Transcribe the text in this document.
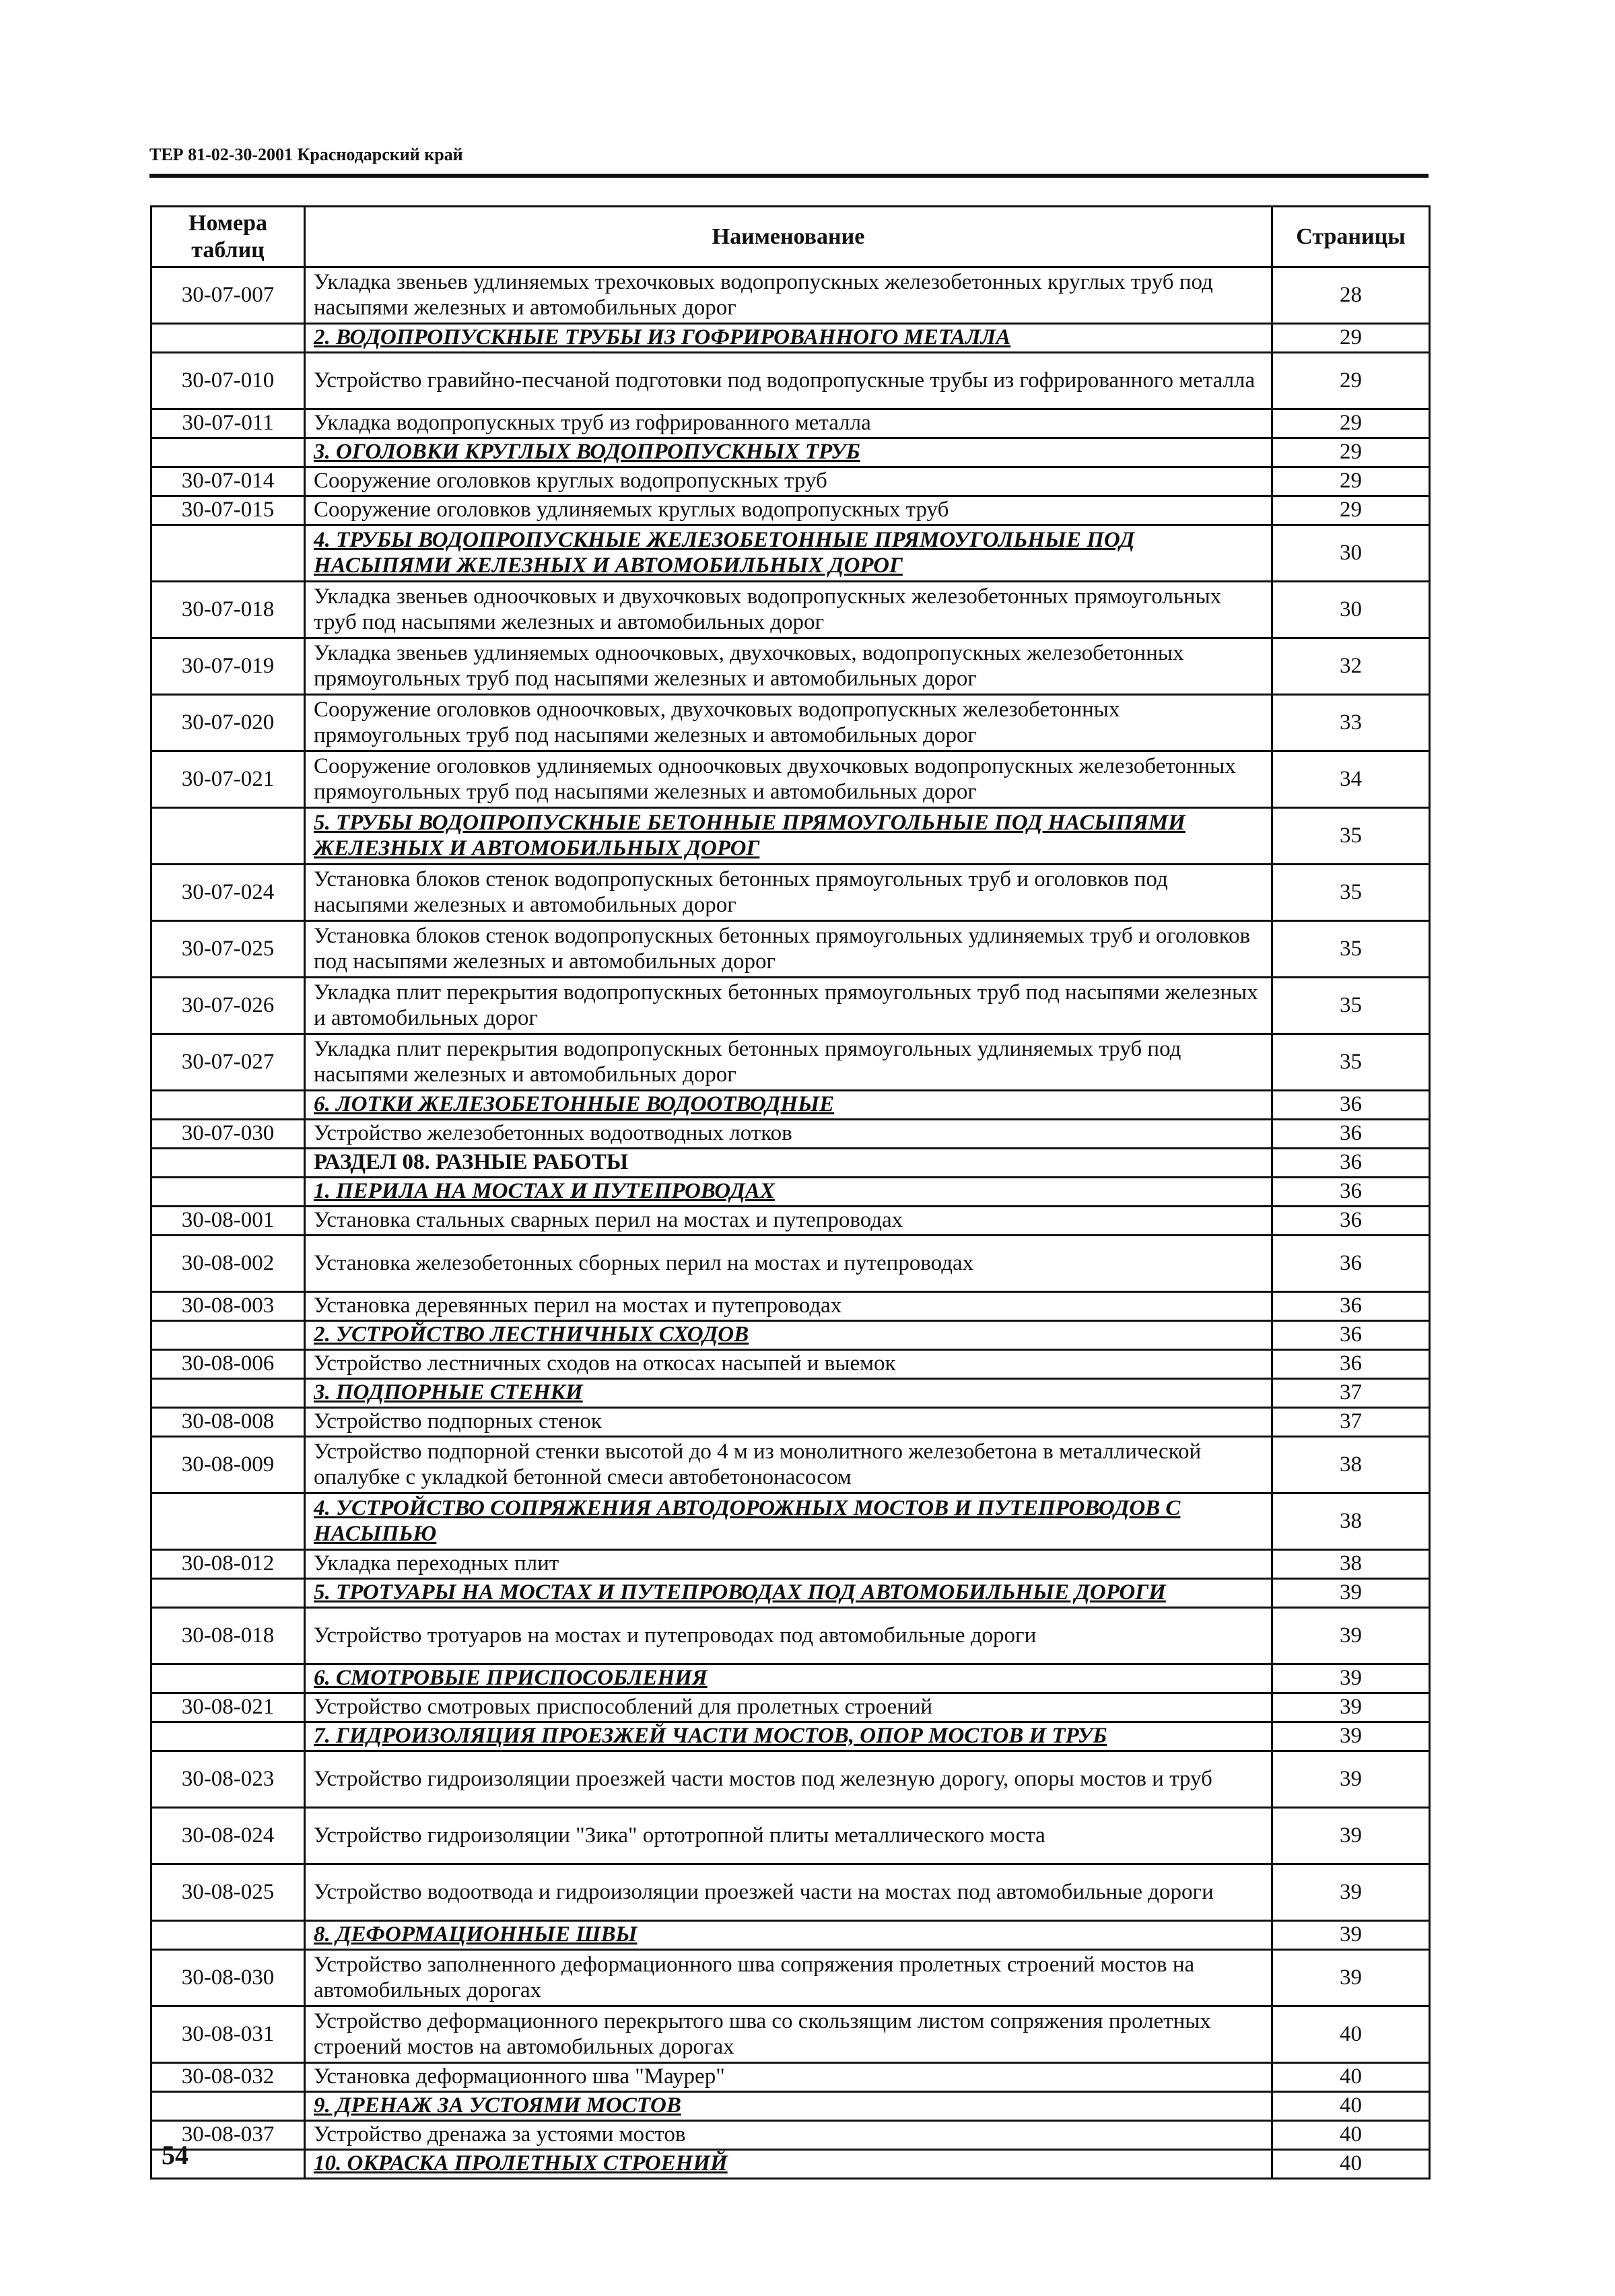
ТЕР 81-02-30-2001 Краснодарский край
Номера таблиц	Наименование	Страницы
30-07-007	Укладка звеньев удлиняемых трехочковых водопропускных железобетонных круглых труб под насыпями железных и автомобильных дорог	28
	2. ВОДОПРОПУСКНЫЕ ТРУБЫ ИЗ ГОФРИРОВАННОГО МЕТАЛЛА	29
30-07-010	Устройство гравийно-песчаной подготовки под водопропускные трубы из гофрированного металла	29
30-07-011	Укладка водопропускных труб из гофрированного металла	29
	3. ОГОЛОВКИ КРУГЛЫХ ВОДОПРОПУСКНЫХ ТРУБ	29
30-07-014	Сооружение оголовков круглых водопропускных труб	29
30-07-015	Сооружение оголовков удлиняемых круглых водопропускных труб	29
	4. ТРУБЫ ВОДОПРОПУСКНЫЕ ЖЕЛЕЗОБЕТОННЫЕ ПРЯМОУГОЛЬНЫЕ ПОД НАСЫПЯМИ ЖЕЛЕЗНЫХ И АВТОМОБИЛЬНЫХ ДОРОГ	30
30-07-018	Укладка звеньев одноочковых и двухочковых водопропускных железобетонных прямоугольных труб под насыпями железных и автомобильных дорог	30
30-07-019	Укладка звеньев удлиняемых одноочковых, двухочковых, водопропускных железобетонных прямоугольных труб под насыпями железных и автомобильных дорог	32
30-07-020	Сооружение оголовков одноочковых, двухочковых водопропускных железобетонных прямоугольных труб под насыпями железных и автомобильных дорог	33
30-07-021	Сооружение оголовков удлиняемых одноочковых двухочковых водопропускных железобетонных прямоугольных труб под насыпями железных и автомобильных дорог	34
	5. ТРУБЫ ВОДОПРОПУСКНЫЕ БЕТОННЫЕ ПРЯМОУГОЛЬНЫЕ ПОД НАСЫПЯМИ ЖЕЛЕЗНЫХ И АВТОМОБИЛЬНЫХ ДОРОГ	35
30-07-024	Установка блоков стенок водопропускных бетонных прямоугольных труб и оголовков под насыпями железных и автомобильных дорог	35
30-07-025	Установка блоков стенок водопропускных бетонных прямоугольных удлиняемых труб и оголовков под насыпями железных и автомобильных дорог	35
30-07-026	Укладка плит перекрытия водопропускных бетонных прямоугольных труб под насыпями железных и автомобильных дорог	35
30-07-027	Укладка плит перекрытия водопропускных бетонных прямоугольных удлиняемых труб под насыпями железных и автомобильных дорог	35
	6. ЛОТКИ ЖЕЛЕЗОБЕТОННЫЕ ВОДООТВОДНЫЕ	36
30-07-030	Устройство железобетонных водоотводных лотков	36
	РАЗДЕЛ 08. РАЗНЫЕ РАБОТЫ	36
	1. ПЕРИЛА НА МОСТАХ И ПУТЕПРОВОДАХ	36
30-08-001	Установка стальных сварных перил на мостах и путепроводах	36
30-08-002	Установка железобетонных сборных перил на мостах и путепроводах	36
30-08-003	Установка деревянных перил на мостах и путепроводах	36
	2. УСТРОЙСТВО ЛЕСТНИЧНЫХ СХОДОВ	36
30-08-006	Устройство лестничных сходов на откосах насыпей и выемок	36
	3. ПОДПОРНЫЕ СТЕНКИ	37
30-08-008	Устройство подпорных стенок	37
30-08-009	Устройство подпорной стенки высотой до 4 м из монолитного железобетона в металлической опалубке с укладкой бетонной смеси автобетононасосом	38
	4. УСТРОЙСТВО СОПРЯЖЕНИЯ АВТОДОРОЖНЫХ МОСТОВ И ПУТЕПРОВОДОВ С НАСЫПЬЮ	38
30-08-012	Укладка переходных плит	38
	5. ТРОТУАРЫ НА МОСТАХ И ПУТЕПРОВОДАХ ПОД АВТОМОБИЛЬНЫЕ ДОРОГИ	39
30-08-018	Устройство тротуаров на мостах и путепроводах под автомобильные дороги	39
	6. СМОТРОВЫЕ ПРИСПОСОБЛЕНИЯ	39
30-08-021	Устройство смотровых приспособлений для пролетных строений	39
	7. ГИДРОИЗОЛЯЦИЯ ПРОЕЗЖЕЙ ЧАСТИ МОСТОВ, ОПОР МОСТОВ И ТРУБ	39
30-08-023	Устройство гидроизоляции проезжей части мостов под железную дорогу, опоры мостов и труб	39
30-08-024	Устройство гидроизоляции "Зика" ортотропной плиты металлического моста	39
30-08-025	Устройство водоотвода и гидроизоляции проезжей части на мостах под автомобильные дороги	39
	8. ДЕФОРМАЦИОННЫЕ ШВЫ	39
30-08-030	Устройство заполненного деформационного шва сопряжения пролетных строений мостов на автомобильных дорогах	39
30-08-031	Устройство деформационного перекрытого шва со скользящим листом сопряжения пролетных строений мостов на автомобильных дорогах	40
30-08-032	Установка деформационного шва "Маурер"	40
	9. ДРЕНАЖ ЗА УСТОЯМИ МОСТОВ	40
30-08-037	Устройство дренажа за устоями мостов	40
	10. ОКРАСКА ПРОЛЕТНЫХ СТРОЕНИЙ	40
54
